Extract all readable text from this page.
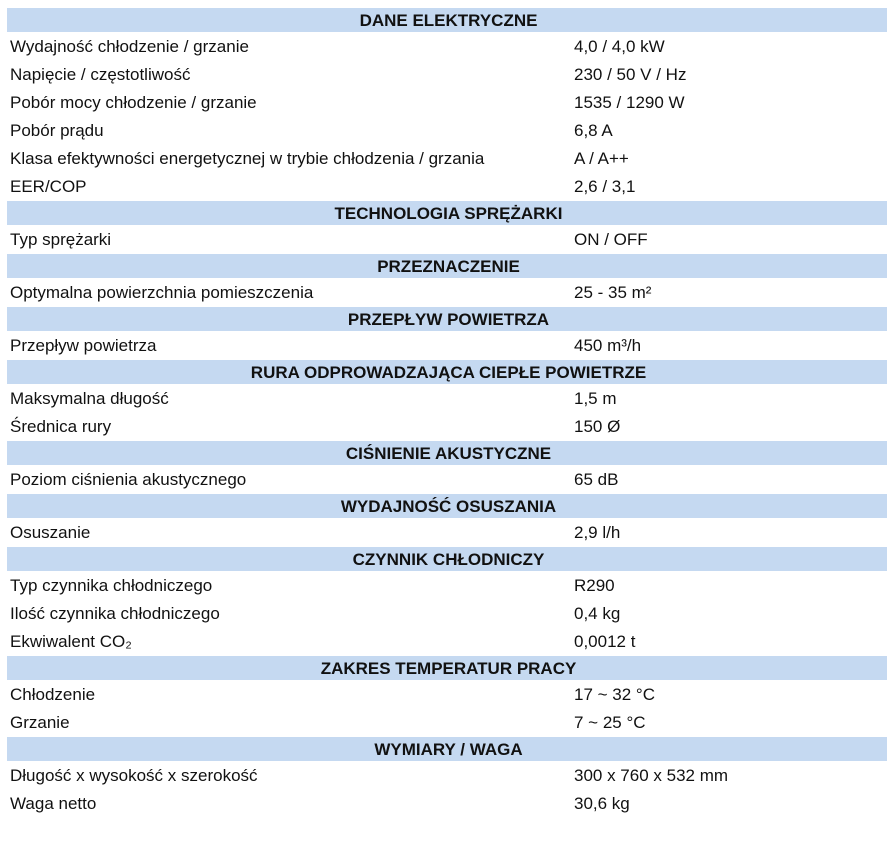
DANE ELEKTRYCZNE	
Wydajność chłodzenie / grzanie	4,0 / 4,0 kW
Napięcie / częstotliwość	230 / 50 V / Hz
Pobór mocy chłodzenie / grzanie	1535 / 1290 W
Pobór prądu	6,8 A
Klasa efektywności energetycznej w trybie chłodzenia / grzania	A / A++
EER/COP	2,6 / 3,1
TECHNOLOGIA SPRĘŻARKI	
Typ sprężarki	ON / OFF
PRZEZNACZENIE	
Optymalna powierzchnia pomieszczenia	25 - 35 m²
PRZEPŁYW POWIETRZA	
Przepływ powietrza	450 m³/h
RURA ODPROWADZAJĄCA CIEPŁE POWIETRZE	
Maksymalna długość	1,5 m
Średnica rury	150 Ø
CIŚNIENIE AKUSTYCZNE	
Poziom ciśnienia akustycznego	65 dB
WYDAJNOŚĆ OSUSZANIA	
Osuszanie	2,9 l/h
CZYNNIK CHŁODNICZY	
Typ czynnika chłodniczego	R290
Ilość czynnika chłodniczego	0,4 kg
Ekwiwalent CO₂	0,0012 t
ZAKRES TEMPERATUR PRACY	
Chłodzenie	17 ~ 32 °C
Grzanie	7 ~ 25 °C
WYMIARY / WAGA	
Długość x wysokość x szerokość	300 x 760 x 532 mm
Waga netto	30,6 kg
